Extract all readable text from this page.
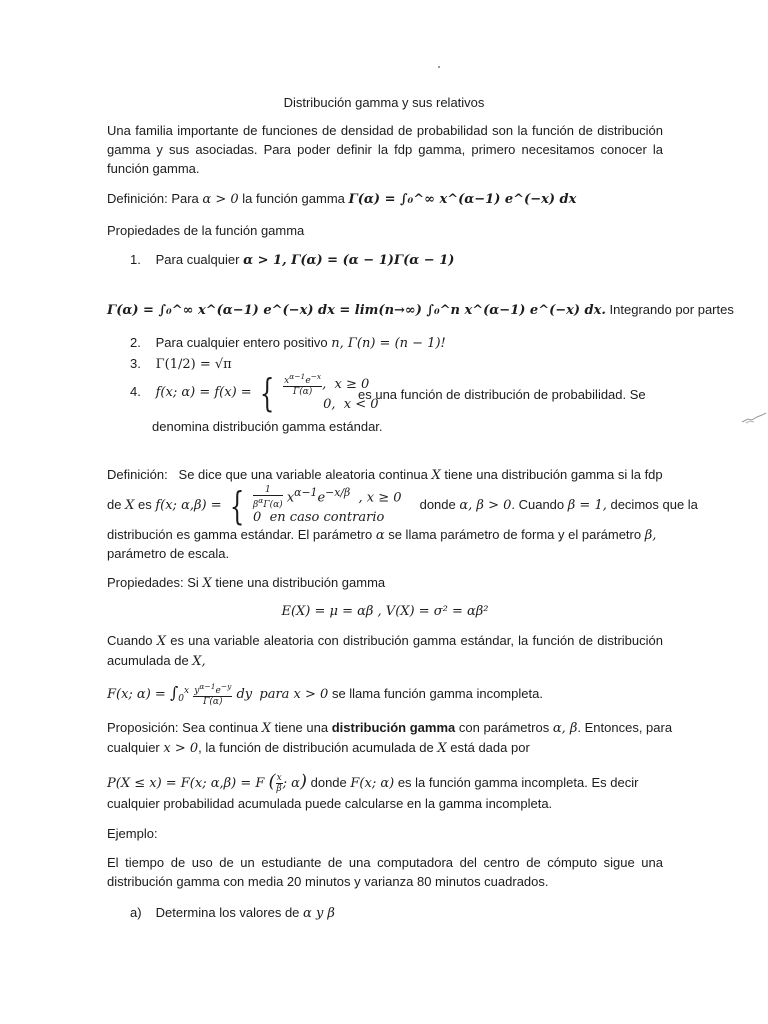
Distribución gamma y sus relativos
Una familia importante de funciones de densidad de probabilidad son la función de distribución gamma y sus asociadas. Para poder definir la fdp gamma, primero necesitamos conocer la función gamma.
Definición: Para α > 0 la función gamma Γ(α) = ∫₀^∞ x^(α−1) e^(−x) dx
Propiedades de la función gamma
1. Para cualquier α > 1, Γ(α) = (α − 1)Γ(α − 1)
Γ(α) = ∫₀^∞ x^(α−1) e^(−x) dx = lim(n→∞) ∫₀^n x^(α−1) e^(−x) dx. Integrando por partes
2. Para cualquier entero positivo n, Γ(n) = (n − 1)!
3. Γ(1/2) = √π
4. f(x; α) = f(x) = { $\frac{x^{\alpha-1}e^{-x}}{\Gamma(\alpha)}$ ,  x ≥ 0
0,  x < 0
es una función de distribución de probabilidad. Se
denomina distribución gamma estándar.
Definición: Se dice que una variable aleatoria continua X tiene una distribución gamma si la fdp
de X es f(x; α,β) = { $\frac{1}{\beta^\alpha\Gamma(\alpha)} x^{\alpha-1}e^{-x/\beta}$  , x ≥ 0
0  en caso contrario
donde α, β > 0. Cuando β = 1, decimos que la
distribución es gamma estándar. El parámetro α se llama parámetro de forma y el parámetro β,
parámetro de escala.
Propiedades: Si X tiene una distribución gamma
E(X) = μ = αβ , V(X) = σ² = αβ²
Cuando X es una variable aleatoria con distribución gamma estándar, la función de distribución acumulada de X,
F(x; $\alpha) = \int_0^x \frac{y^{\alpha-1}e^{-y}}{\Gamma(\alpha)}$ dy para x > 0 se llama función gamma incompleta.
Proposición: Sea continua X tiene una distribución gamma con parámetros α, β. Entonces, para
cualquier x > 0, la función de distribución acumulada de X está dada por
P(X ≤ x) = F(x; α,β) = F ( $\frac{x}{\beta}$ ; α) donde F(x; α) es la función gamma incompleta. Es decir
cualquier probabilidad acumulada puede calcularse en la gamma incompleta.
Ejemplo:
El tiempo de uso de un estudiante de una computadora del centro de cómputo sigue una distribución gamma con media 20 minutos y varianza 80 minutos cuadrados.
a) Determina los valores de α y β
